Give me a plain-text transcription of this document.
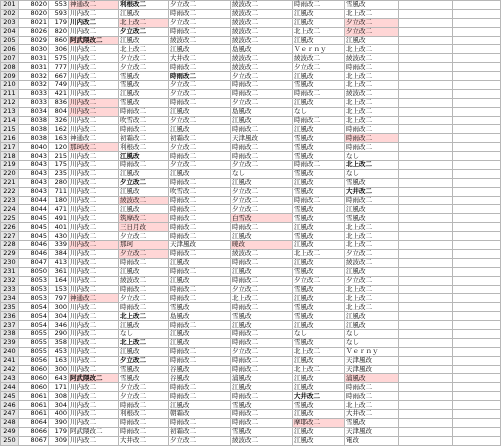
201	8020	553	神通改二	利根改二	夕立改二	綾波改二	時雨改二	雪風改		
202	8020	593	川内改二	江風改	時雨改二	綾波改二	江風改	北上改二		
203	8021	179	川内改二	北上改二	夕立改二	綾波改二	江風改	夕立改二		
204	8026	820	川内改二	夕立改二	時雨改二	綾波改二	北上改二	夕立改二		
205	8029	860	阿武隈改二	江風改	綾波改二	綾波改二	江風改	江風改		
206	8030	306	川内改二	北上改二	江風改	島風改	Ｖｅｒｎｙ	北上改二		
207	8031	575	川内改二	夕立改二	大井改二	綾波改二	綾波改二	綾波改二		
208	8031	777	川内改二	夕立改二	時雨改二	綾波改二	夕立改二	時雨改二		
209	8032	667	川内改二	雪風改	時雨改二	夕立改二	江風改	北上改二		
210	8032	749	川内改二	雪風改	夕立改二	時雨改二	雪風改	北上改二		
211	8033	421	川内改二	江風改	夕立改二	時雨改二	時雨改二	綾波改二		
212	8033	836	川内改二	雪風改	時雨改二	夕立改二	江風改	北上改二		
213	8034	804	川内改二	時雨改二	江風改	島風改	なし	北上改二		
214	8038	326	川内改二	吹雪改二	夕立改二	江風改	時雨改二	北上改二		
215	8038	162	川内改二	時雨改二	江風改	時雨改二	江風改	時雨改二		
216	8038	163	神通改二	初霜改二	初霜改二	天津風改	雪風改	時雨改二		
217	8040	120	那珂改二	利根改二	夕立改二	時雨改二	雪風改	時雨改二		
218	8043	215	川内改二	江風改	時雨改二	時雨改二	雪風改	なし		
219	8043	175	川内改二	時雨改二	夕立改二	夕立改二	時雨改二	北上改二		
220	8043	235	川内改二	江風改	江風改	なし	雪風改	なし		
221	8043	280	川内改二	夕立改二	時雨改二	江風改	江風改	雪風改		
222	8043	711	川内改二	江風改	吹雪改二	夕立改二	雪風改	大井改二		
223	8044	180	川内改二	綾波改二	時雨改二	夕立改二	時雨改二	時雨改二		
224	8044	471	川内改二	江風改	時雨改二	夕立改二	雪風改	江風改		
225	8045	491	川内改二	筑摩改二	時雨改二	白雪改	雪風改	雪風改		
226	8045	401	川内改二	三日月改	時雨改二	時雨改二	江風改	北上改二		
227	8045	430	川内改二	夕立改二	時雨改二	江風改	雪風改	北上改二		
228	8046	339	川内改二	那珂	天津風改	暁改	江風改	北上改二		
229	8046	384	川内改二	夕立改二	時雨改二	綾波改二	北上改二	夕立改二		
230	8047	413	川内改二	時雨改二	江風改	時雨改二	江風改	綾波改二		
231	8050	361	川内改二	江風改	時雨改二	江風改	雪風改	江風改		
232	8053	164	川内改二	綾波改二	江風改	時雨改二	夕立改二	夕立改二		
233	8053	153	川内改二	時雨改二	時雨改二	夕立改二	雪風改	北上改二		
234	8053	797	神通改二	夕立改二	時雨改二	北上改二	江風改	北上改二		
235	8054	300	川内改二	時雨改二	雪風改	時雨改二	雪風改	北上改二		
236	8054	304	川内改二	北上改二	島風改	雪風改	雪風改	江風改		
237	8054	346	川内改二	江風改	時雨改二	江風改	江風改	江風改		
238	8055	290	川内改二	なし	江風改	時雨改二	なし	なし		
239	8055	358	川内改二	北上改二	江風改	時雨改二	雪風改	なし		
240	8055	453	川内改二	江風改	時雨改二	夕立改二	北上改二	Ｖｅｒｎｙ		
241	8056	163	川内改二	夕立改二	時雨改二	時雨改二	江風改	天津風改		
242	8060	300	川内改二	雪風改	谷風改	時雨改二	北上改二	天津風改		
243	8060	643	阿武隈改二	雪風改	谷風改	浦風改	江風改	浦風改		
244	8060	171	川内改二	夕立改二	時雨改二	江風改	江風改	時雨改二		
245	8061	308	川内改二	夕立改二	時雨改二	時雨改二	大井改二	時雨改二		
246	8061	304	川内改二	時雨改二	江風改	雪風改	雪風改	北上改二		
247	8061	400	川内改二	利根改二	朝霜改	時雨改二	江風改	大井改二		
248	8064	390	川内改二	時雨改二	時雨改二	時雨改二	摩耶改二	雪風改		
249	8066	179	阿武隈改二	時雨改二	初霜改二	雪風改	江風改	天津風改		
250	8067	309	川内改二	大井改二	夕立改二	綾波改二	江風改	電改		
